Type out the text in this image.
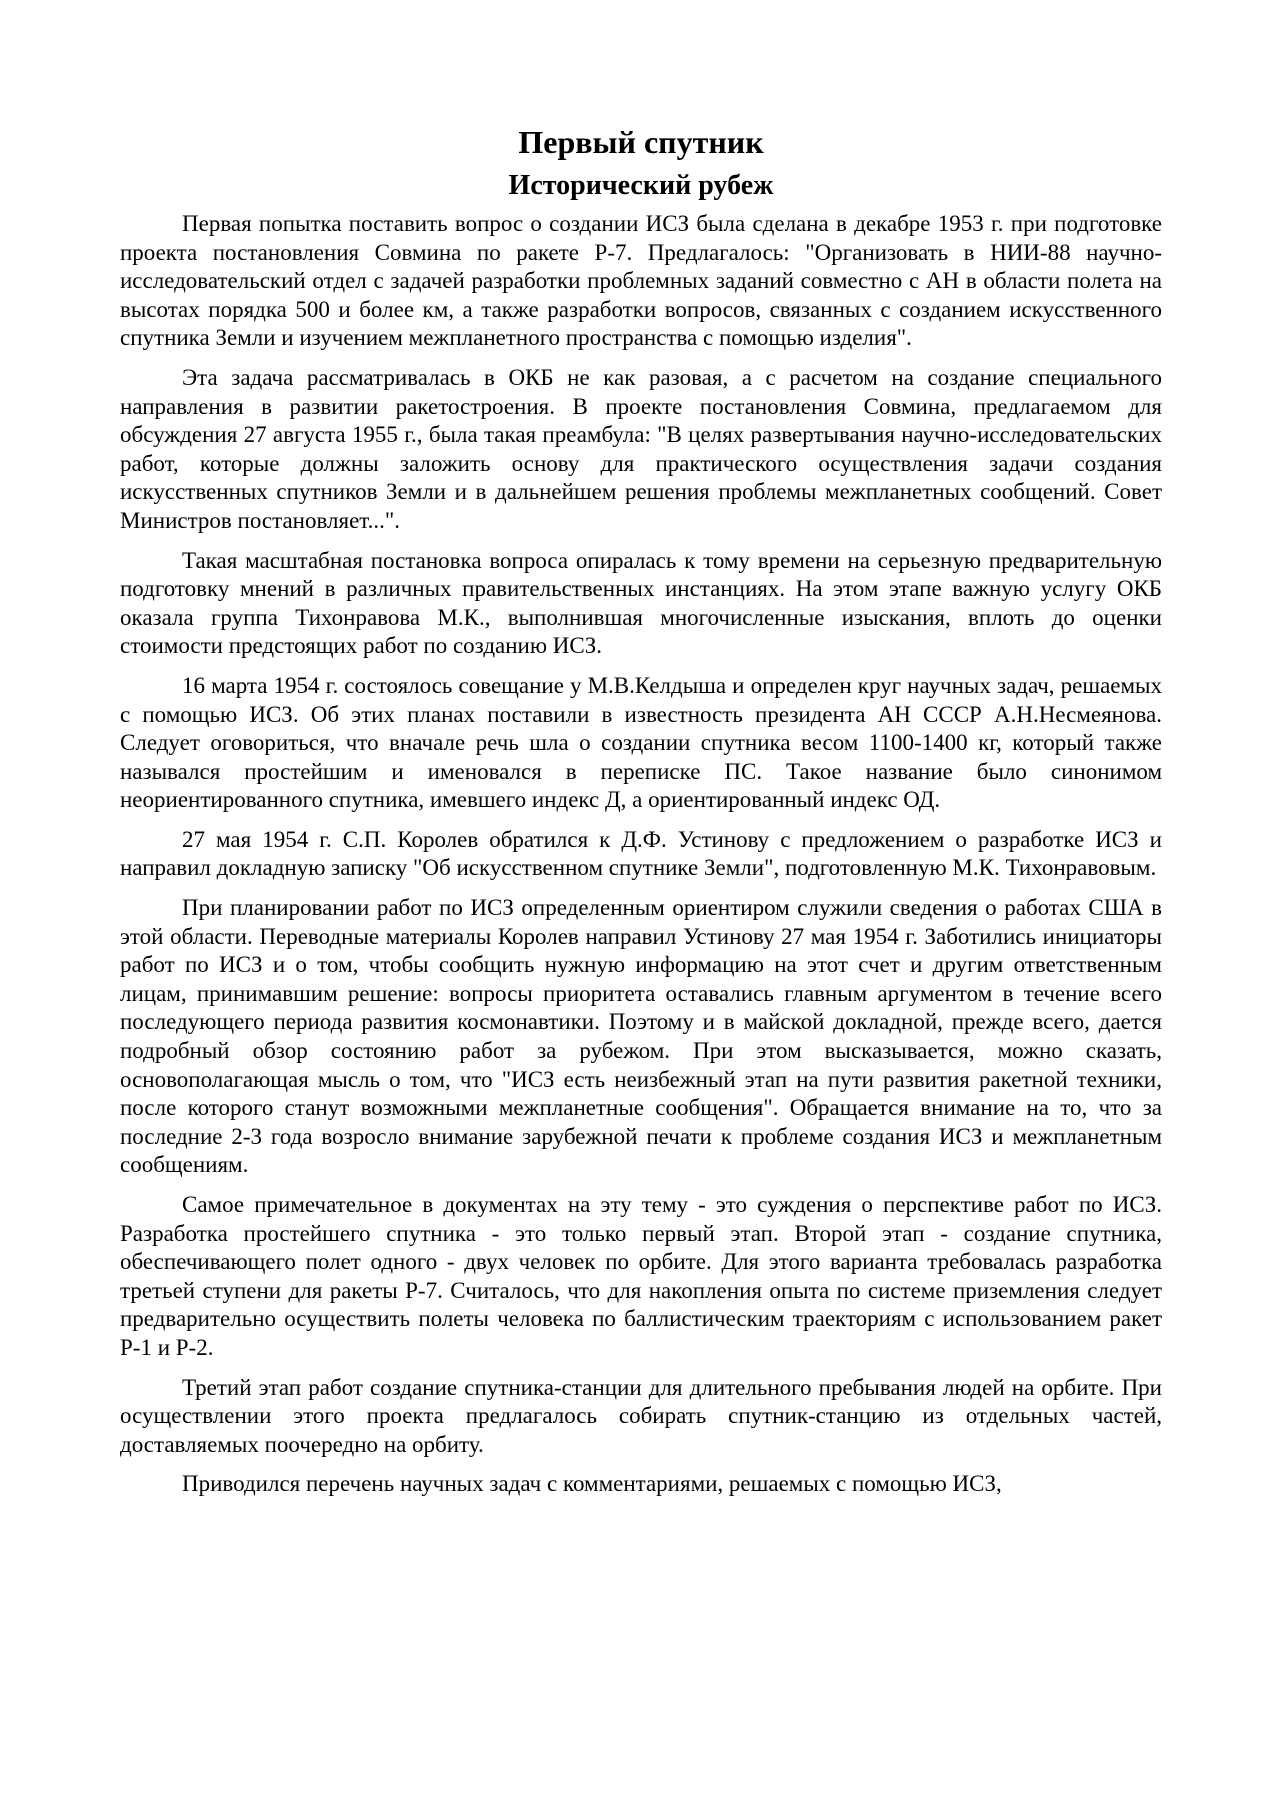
Первый спутник
Исторический рубеж

Первая попытка поставить вопрос о создании ИСЗ была сделана в декабре 1953 г. при подготовке проекта постановления Совмина по ракете Р-7. Предлагалось: "Организовать в НИИ-88 научно-исследовательский отдел с задачей разработки проблемных заданий совместно с АН в области полета на высотах порядка 500 и более км, а также разработки вопросов, связанных с созданием искусственного спутника Земли и изучением межпланетного пространства с помощью изделия".

Эта задача рассматривалась в ОКБ не как разовая, а с расчетом на создание специального направления в развитии ракетостроения. В проекте постановления Совмина, предлагаемом для обсуждения 27 августа 1955 г., была такая преамбула: "В целях развертывания научно-исследовательских работ, которые должны заложить основу для практического осуществления задачи создания искусственных спутников Земли и в дальнейшем решения проблемы межпланетных сообщений. Совет Министров постановляет...".

Такая масштабная постановка вопроса опиралась к тому времени на серьезную предварительную подготовку мнений в различных правительственных инстанциях. На этом этапе важную услугу ОКБ оказала группа Тихонравова М.К., выполнившая многочисленные изыскания, вплоть до оценки стоимости предстоящих работ по созданию ИСЗ.

16 марта 1954 г. состоялось совещание у М.В.Келдыша и определен круг научных задач, решаемых с помощью ИСЗ. Об этих планах поставили в известность президента АН СССР А.Н.Несмеянова. Следует оговориться, что вначале речь шла о создании спутника весом 1100-1400 кг, который также назывался простейшим и именовался в переписке ПС. Такое название было синонимом неориентированного спутника, имевшего индекс Д, а ориентированный индекс ОД.

27 мая 1954 г. С.П. Королев обратился к Д.Ф. Устинову с предложением о разработке ИСЗ и направил докладную записку "Об искусственном спутнике Земли", подготовленную М.К. Тихонравовым.

При планировании работ по ИСЗ определенным ориентиром служили сведения о работах США в этой области. Переводные материалы Королев направил Устинову 27 мая 1954 г. Заботились инициаторы работ по ИСЗ и о том, чтобы сообщить нужную информацию на этот счет и другим ответственным лицам, принимавшим решение: вопросы приоритета оставались главным аргументом в течение всего последующего периода развития космонавтики. Поэтому и в майской докладной, прежде всего, дается подробный обзор состоянию работ за рубежом. При этом высказывается, можно сказать, основополагающая мысль о том, что "ИСЗ есть неизбежный этап на пути развития ракетной техники, после которого станут возможными межпланетные сообщения". Обращается внимание на то, что за последние 2-3 года возросло внимание зарубежной печати к проблеме создания ИСЗ и межпланетным сообщениям.

Самое примечательное в документах на эту тему - это суждения о перспективе работ по ИСЗ. Разработка простейшего спутника - это только первый этап. Второй этап - создание спутника, обеспечивающего полет одного - двух человек по орбите. Для этого варианта требовалась разработка третьей ступени для ракеты Р-7. Считалось, что для накопления опыта по системе приземления следует предварительно осуществить полеты человека по баллистическим траекториям с использованием ракет Р-1 и Р-2.

Третий этап работ создание спутника-станции для длительного пребывания людей на орбите. При осуществлении этого проекта предлагалось собирать спутник-станцию из отдельных частей, доставляемых поочередно на орбиту.

Приводился перечень научных задач с комментариями, решаемых с помощью ИСЗ,
